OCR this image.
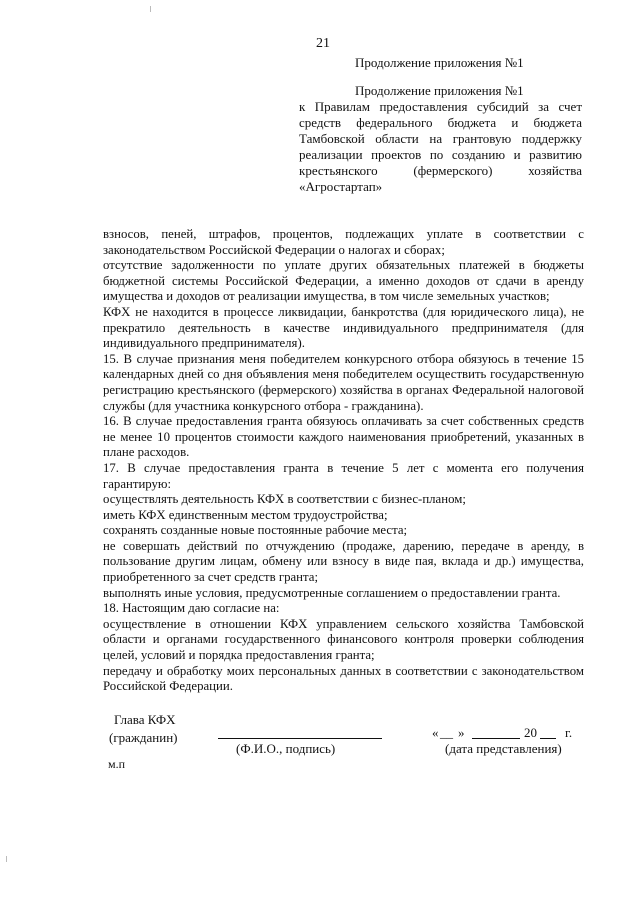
21
Продолжение приложения №1
Продолжение приложения №1
к Правилам предоставления субсидий за счет средств федерального бюджета и бюджета Тамбовской области на грантовую поддержку реализации проектов по созданию и развитию крестьянского (фермерского) хозяйства «Агростартап»

взносов, пеней, штрафов, процентов, подлежащих уплате в соответствии с законодательством Российской Федерации о налогах и сборах;

отсутствие задолженности по уплате других обязательных платежей в бюджеты бюджетной системы Российской Федерации, а именно доходов от сдачи в аренду имущества и доходов от реализации имущества, в том числе земельных участков;

КФХ не находится в процессе ликвидации, банкротства (для юридического лица), не прекратило деятельность в качестве индивидуального предпринимателя (для индивидуального предпринимателя).

15. В случае признания меня победителем конкурсного отбора обязуюсь в течение 15 календарных дней со дня объявления меня победителем осуществить государственную регистрацию крестьянского (фермерского) хозяйства в органах Федеральной налоговой службы (для участника конкурсного отбора - гражданина).

16. В случае предоставления гранта обязуюсь оплачивать за счет собственных средств не менее 10 процентов стоимости каждого наименования приобретений, указанных в плане расходов.

17. В случае предоставления гранта в течение 5 лет с момента его получения гарантирую:

осуществлять деятельность КФХ в соответствии с бизнес-планом;

иметь КФХ единственным местом трудоустройства;

сохранять созданные новые постоянные рабочие места;

не совершать действий по отчуждению (продаже, дарению, передаче в аренду, в пользование другим лицам, обмену или взносу в виде пая, вклада и др.) имущества, приобретенного за счет средств гранта;

выполнять иные условия, предусмотренные соглашением о предоставлении гранта.

18. Настоящим даю согласие на:

осуществление в отношении КФХ управлением сельского хозяйства Тамбовской области и органами государственного финансового контроля проверки соблюдения целей, условий и порядка предоставления гранта;

передачу и обработку моих персональных данных в соответствии с законодательством Российской Федерации.

Глава КФХ
(гражданин)
(Ф.И.О., подпись)
« __ »	20 г.
(дата представления)
м.п
